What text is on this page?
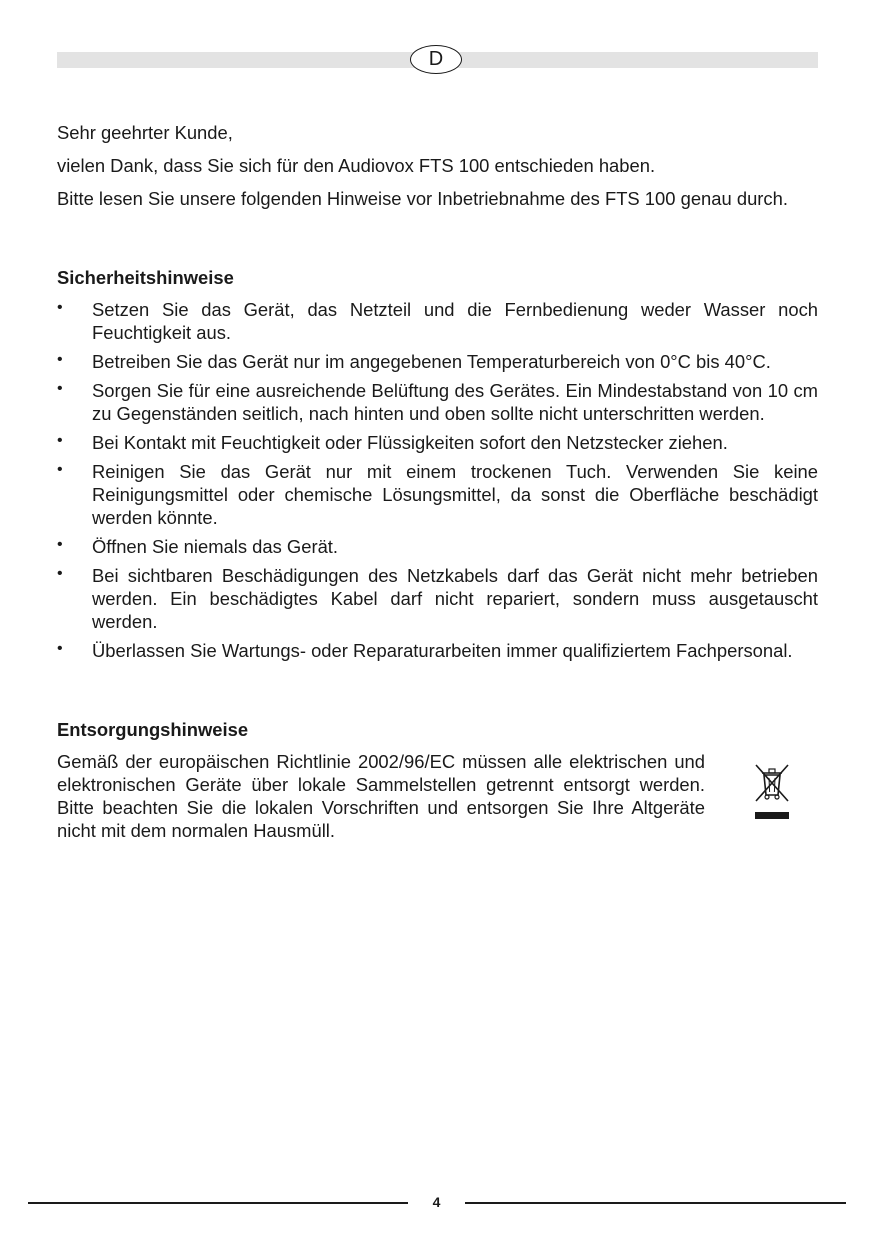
D

Sehr geehrter Kunde,

vielen Dank, dass Sie sich für den Audiovox FTS 100 entschieden haben.

Bitte lesen Sie unsere folgenden Hinweise vor Inbetriebnahme des FTS 100 genau durch.

Sicherheitshinweise
• Setzen Sie das Gerät, das Netzteil und die Fernbedienung weder Wasser noch Feuchtigkeit aus.
• Betreiben Sie das Gerät nur im angegebenen Temperaturbereich von 0°C bis 40°C.
• Sorgen Sie für eine ausreichende Belüftung des Gerätes. Ein Mindestabstand von 10 cm zu Gegenständen seitlich, nach hinten und oben sollte nicht unterschritten werden.
• Bei Kontakt mit Feuchtigkeit oder Flüssigkeiten sofort den Netzstecker ziehen.
• Reinigen Sie das Gerät nur mit einem trockenen Tuch. Verwenden Sie keine Reinigungsmittel oder chemische Lösungsmittel, da sonst die Oberfläche beschädigt werden könnte.
• Öffnen Sie niemals das Gerät.
• Bei sichtbaren Beschädigungen des Netzkabels darf das Gerät nicht mehr betrieben werden. Ein beschädigtes Kabel darf nicht repariert, sondern muss ausgetauscht werden.
• Überlassen Sie Wartungs- oder Reparaturarbeiten immer qualifiziertem Fachpersonal.
Entsorgungshinweise

Gemäß der europäischen Richtlinie 2002/96/EC müssen alle elektrischen und elektronischen Geräte über lokale Sammelstellen getrennt entsorgt werden. Bitte beachten Sie die lokalen Vorschriften und entsorgen Sie Ihre Altgeräte nicht mit dem normalen Hausmüll.

4
